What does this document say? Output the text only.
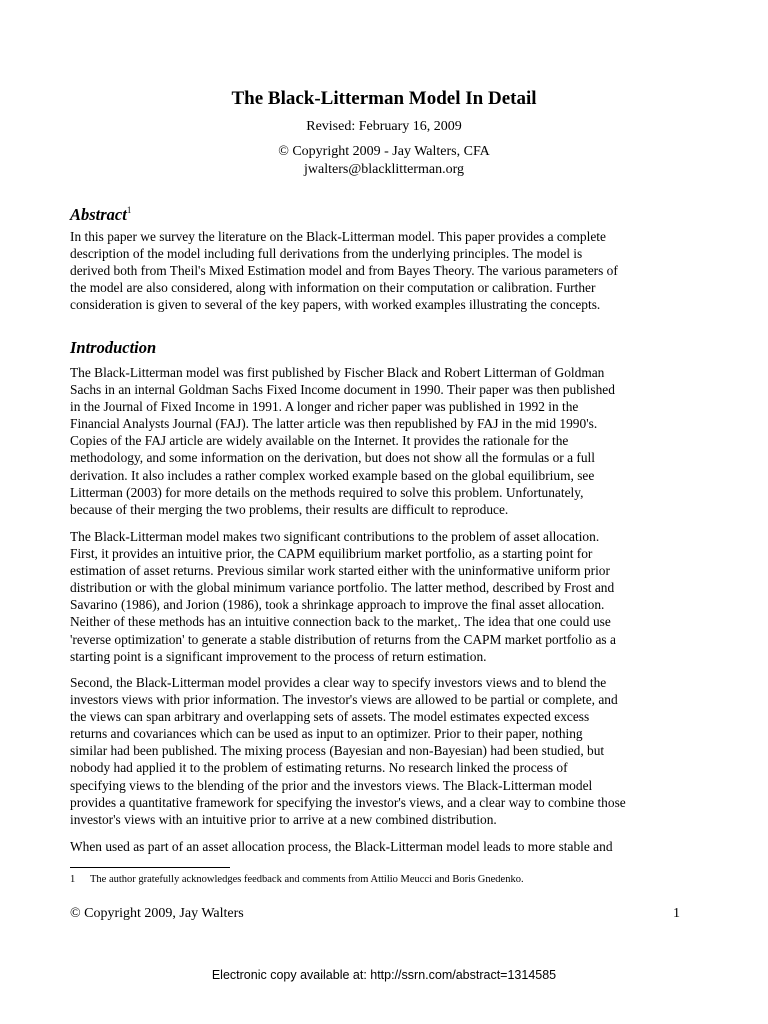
The Black-Litterman Model In Detail
Revised: February 16, 2009
© Copyright 2009 - Jay Walters, CFA
jwalters@blacklitterman.org
Abstract$^1$
In this paper we survey the literature on the Black-Litterman model. This paper provides a complete
description of the model including full derivations from the underlying principles. The model is
derived both from Theil's Mixed Estimation model and from Bayes Theory. The various parameters of
the model are also considered, along with information on their computation or calibration. Further
consideration is given to several of the key papers, with worked examples illustrating the concepts.
Introduction
The Black-Litterman model was first published by Fischer Black and Robert Litterman of Goldman
Sachs in an internal Goldman Sachs Fixed Income document in 1990. Their paper was then published
in the Journal of Fixed Income in 1991. A longer and richer paper was published in 1992 in the
Financial Analysts Journal (FAJ). The latter article was then republished by FAJ in the mid 1990's.
Copies of the FAJ article are widely available on the Internet. It provides the rationale for the
methodology, and some information on the derivation, but does not show all the formulas or a full
derivation. It also includes a rather complex worked example based on the global equilibrium, see
Litterman (2003) for more details on the methods required to solve this problem. Unfortunately,
because of their merging the two problems, their results are difficult to reproduce.
The Black-Litterman model makes two significant contributions to the problem of asset allocation.
First, it provides an intuitive prior, the CAPM equilibrium market portfolio, as a starting point for
estimation of asset returns. Previous similar work started either with the uninformative uniform prior
distribution or with the global minimum variance portfolio. The latter method, described by Frost and
Savarino (1986), and Jorion (1986), took a shrinkage approach to improve the final asset allocation.
Neither of these methods has an intuitive connection back to the market,. The idea that one could use
'reverse optimization' to generate a stable distribution of returns from the CAPM market portfolio as a
starting point is a significant improvement to the process of return estimation.
Second, the Black-Litterman model provides a clear way to specify investors views and to blend the
investors views with prior information. The investor's views are allowed to be partial or complete, and
the views can span arbitrary and overlapping sets of assets. The model estimates expected excess
returns and covariances which can be used as input to an optimizer. Prior to their paper, nothing
similar had been published. The mixing process (Bayesian and non-Bayesian) had been studied, but
nobody had applied it to the problem of estimating returns. No research linked the process of
specifying views to the blending of the prior and the investors views. The Black-Litterman model
provides a quantitative framework for specifying the investor's views, and a clear way to combine those
investor's views with an intuitive prior to arrive at a new combined distribution.
When used as part of an asset allocation process, the Black-Litterman model leads to more stable and
1 The author gratefully acknowledges feedback and comments from Attilio Meucci and Boris Gnedenko.
© Copyright 2009, Jay Walters	1
Electronic copy available at: http://ssrn.com/abstract=1314585
